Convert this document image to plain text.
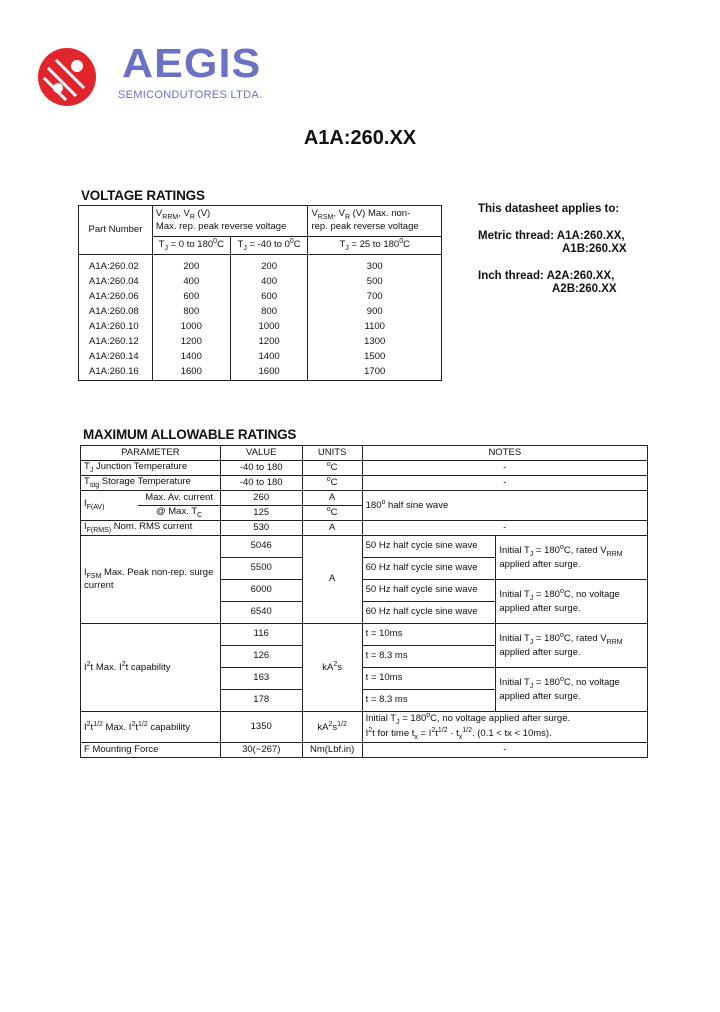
AEGIS
SEMICONDUTORES LTDA.
A1A:260.XX
VOLTAGE RATINGS
Part Number	$V_{RRM}$, $V_R$ (V)
Max. rep. peak reverse voltage		$V_{RSM}$, $V_R$ (V) Max. non-
rep. peak reverse voltage
	$T_J = 0$ to $180^0C$	$T_J = -40$ to $0^0C$	$T_J = 25$ to $180^0C$

A1A:260.02	200	200	300
A1A:260.04	400	400	500
A1A:260.06	600	600	700
A1A:260.08	800	800	900
A1A:260.10	1000	1000	1100
A1A:260.12	1200	1200	1300
A1A:260.14	1400	1400	1500
A1A:260.16	1600	1600	1700
This datasheet applies to:
Metric thread: A1A:260.XX,
A1B:260.XX
Inch thread: A2A:260.XX,
A2B:260.XX
MAXIMUM ALLOWABLE RATINGS
PARAMETER		VALUE	UNITS	NOTES	
$T_J$ Junction Temperature		-40 to 180	$^o$C	-	
$T_{stg}$ Storage Temperature		-40 to 180	$^o$C	-	
$I_{F(AV)}$	Max. Av. current	260	A	180$^o$ half sine wave	
	@ Max. $T_C$	125	$^o$C		
$I_{F(RMS)}$ Nom. RMS current		530	A	-	
$I_{FSM}$ Max. Peak non-rep. surge current		5046	A	50 Hz half cycle sine wave	Initial $T_J = 180^oC$, rated $V_{RRM}$
applied after surge.
		5500		60 Hz half cycle sine wave	
		6000		50 Hz half cycle sine wave	Initial $T_J = 180^oC$, no voltage
applied after surge.
		6540		60 Hz half cycle sine wave	
$I^2t$ Max. $I^2t$ capability		116	$kA^2s$	t = 10ms	Initial $T_J = 180^oC$, rated $V_{RRM}$
applied after surge.
		126		t = 8.3 ms	
		163		t = 10ms	Initial $T_J = 180^oC$, no voltage
applied after surge.
		178		t = 8.3 ms	
$I^2t^{1/2}$ Max. $I^2t^{1/2}$ capability		1350	$kA^2s^{1/2}$	Initial $T_J = 180^oC$, no voltage applied after surge.
$I^2t$ for time $t_x = I^2t^{1/2} \cdot t_x^{1/2}$. (0.1 < tx < 10ms).	
F Mounting Force		30(~267)	Nm(Lbf.in)	-	
